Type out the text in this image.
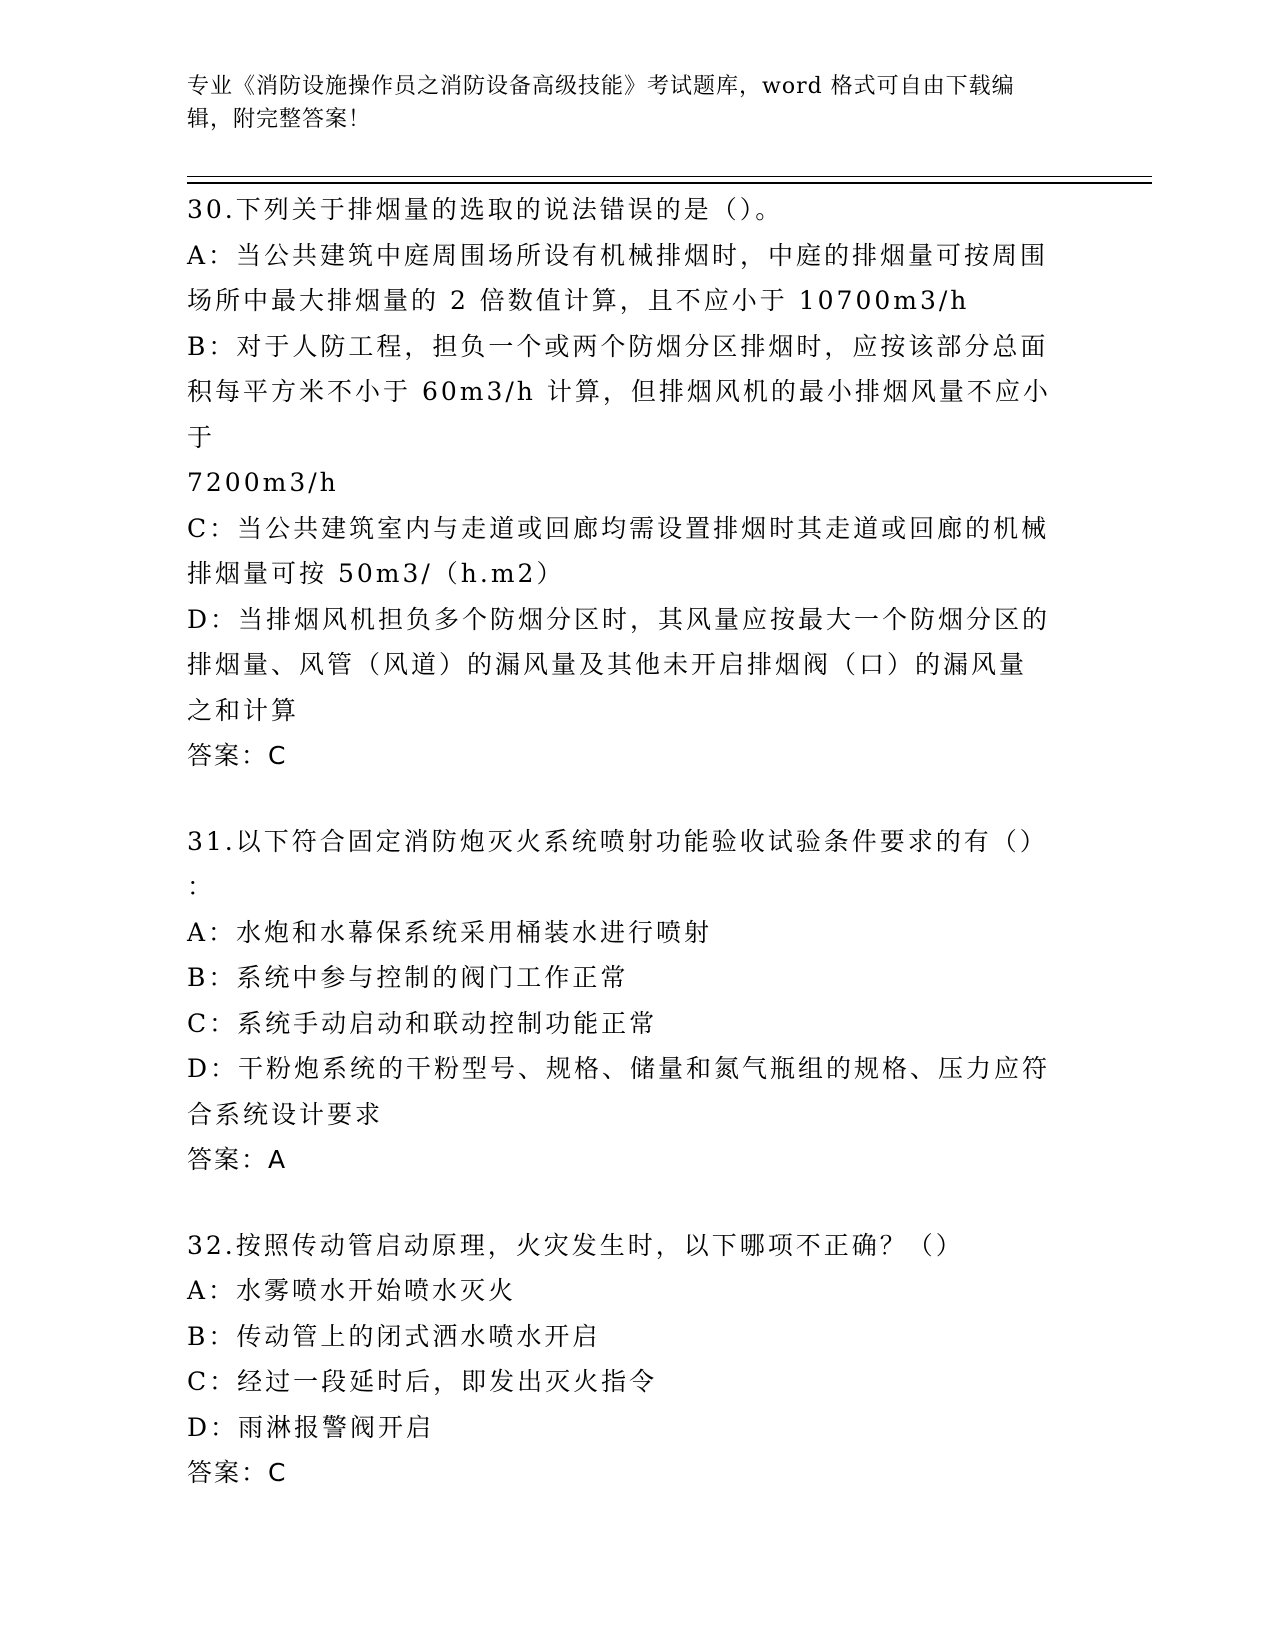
专业《消防设施操作员之消防设备高级技能》考试题库，word 格式可自由下载编
辑，附完整答案！
30.下列关于排烟量的选取的说法错误的是（）。
A：当公共建筑中庭周围场所设有机械排烟时，中庭的排烟量可按周围
场所中最大排烟量的 2 倍数值计算，且不应小于 10700m3/h
B：对于人防工程，担负一个或两个防烟分区排烟时，应按该部分总面
积每平方米不小于 60m3/h 计算，但排烟风机的最小排烟风量不应小于
7200m3/h
C：当公共建筑室内与走道或回廊均需设置排烟时其走道或回廊的机械
排烟量可按 50m3/（h.m2）
D：当排烟风机担负多个防烟分区时，其风量应按最大一个防烟分区的
排烟量、风管（风道）的漏风量及其他未开启排烟阀（口）的漏风量
之和计算
答案：C
31.以下符合固定消防炮灭火系统喷射功能验收试验条件要求的有（）
：
A：水炮和水幕保系统采用桶装水进行喷射
B：系统中参与控制的阀门工作正常
C：系统手动启动和联动控制功能正常
D：干粉炮系统的干粉型号、规格、储量和氮气瓶组的规格、压力应符
合系统设计要求
答案：A
32.按照传动管启动原理，火灾发生时，以下哪项不正确？（）
A：水雾喷水开始喷水灭火
B：传动管上的闭式洒水喷水开启
C：经过一段延时后，即发出灭火指令
D：雨淋报警阀开启
答案：C
